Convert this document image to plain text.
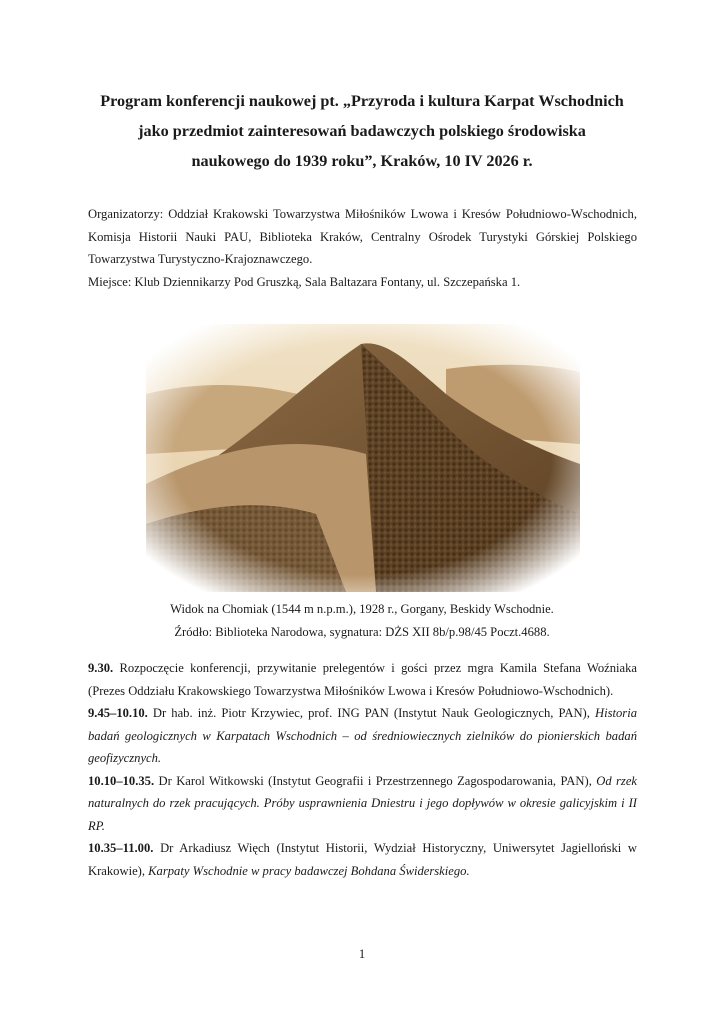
Program konferencji naukowej pt. „Przyroda i kultura Karpat Wschodnich
jako przedmiot zainteresowań badawczych polskiego środowiska
naukowego do 1939 roku”, Kraków, 10 IV 2026 r.

Organizatorzy: Oddział Krakowski Towarzystwa Miłośników Lwowa i Kresów Południowo-Wschodnich, Komisja Historii Nauki PAU, Biblioteka Kraków, Centralny Ośrodek Turystyki Górskiej Polskiego Towarzystwa Turystyczno-Krajoznawczego.

Miejsce: Klub Dziennikarzy Pod Gruszką, Sala Baltazara Fontany, ul. Szczepańska 1.

Widok na Chomiak (1544 m n.p.m.), 1928 r., Gorgany, Beskidy Wschodnie.
Źródło: Biblioteka Narodowa, sygnatura: DŻS XII 8b/p.98/45 Poczt.4688.

9.30. Rozpoczęcie konferencji, przywitanie prelegentów i gości przez mgra Kamila Stefana Woźniaka (Prezes Oddziału Krakowskiego Towarzystwa Miłośników Lwowa i Kresów Południowo-Wschodnich).

9.45–10.10. Dr hab. inż. Piotr Krzywiec, prof. ING PAN (Instytut Nauk Geologicznych, PAN), Historia badań geologicznych w Karpatach Wschodnich – od średniowiecznych zielników do pionierskich badań geofizycznych.

10.10–10.35. Dr Karol Witkowski (Instytut Geografii i Przestrzennego Zagospodarowania, PAN), Od rzek naturalnych do rzek pracujących. Próby usprawnienia Dniestru i jego dopływów w okresie galicyjskim i II RP.

10.35–11.00. Dr Arkadiusz Więch (Instytut Historii, Wydział Historyczny, Uniwersytet Jagielloński w Krakowie), Karpaty Wschodnie w pracy badawczej Bohdana Świderskiego.

1
